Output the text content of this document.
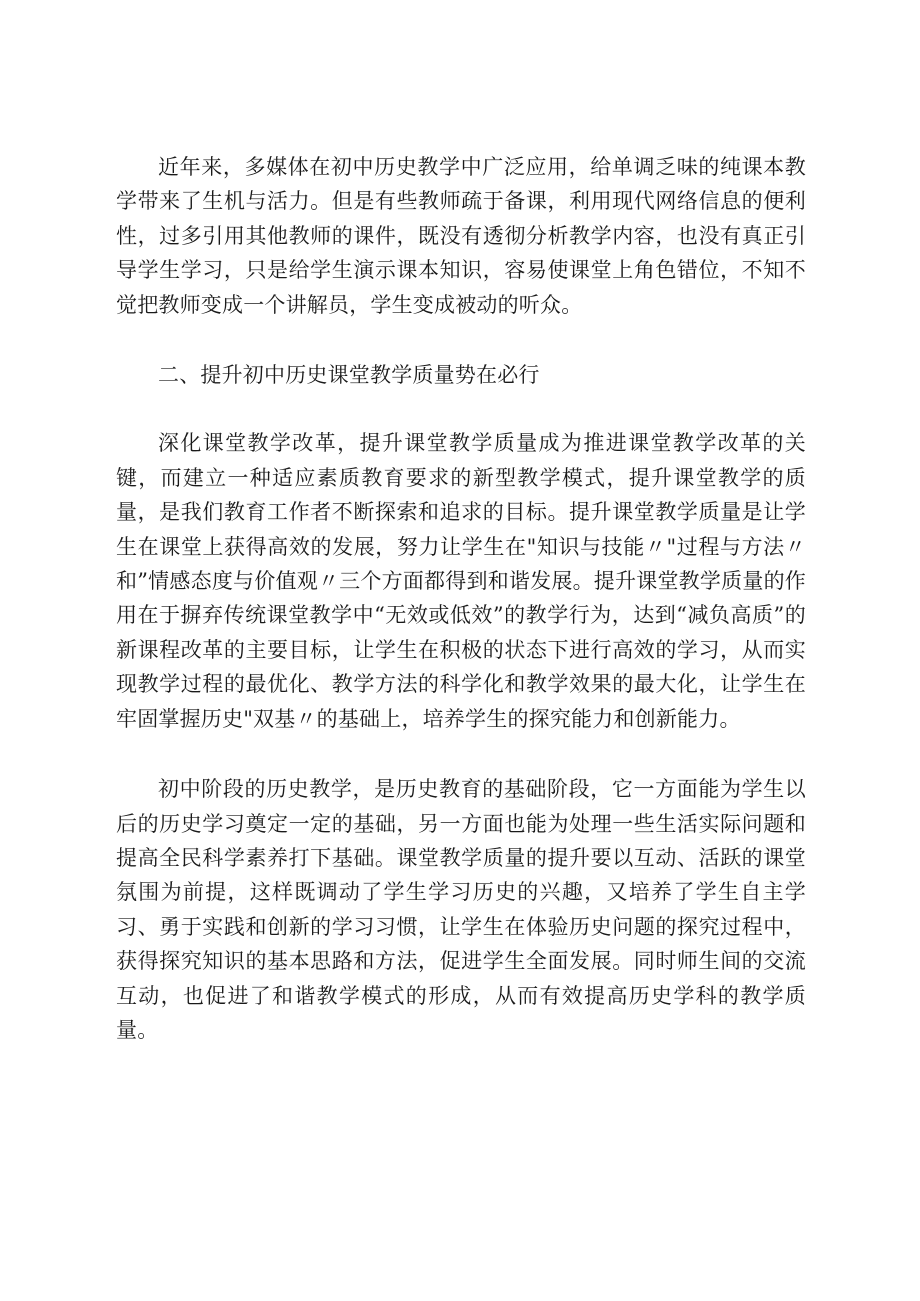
近年来，多媒体在初中历史教学中广泛应用，给单调乏味的纯课本教学带来了生机与活力。但是有些教师疏于备课，利用现代网络信息的便利性，过多引用其他教师的课件，既没有透彻分析教学内容，也没有真正引导学生学习，只是给学生演示课本知识，容易使课堂上角色错位，不知不觉把教师变成一个讲解员，学生变成被动的听众。

二、提升初中历史课堂教学质量势在必行

深化课堂教学改革，提升课堂教学质量成为推进课堂教学改革的关键，而建立一种适应素质教育要求的新型教学模式，提升课堂教学的质量，是我们教育工作者不断探索和追求的目标。提升课堂教学质量是让学生在课堂上获得高效的发展，努力让学生在"知识与技能〃"过程与方法〃和”情感态度与价值观〃三个方面都得到和谐发展。提升课堂教学质量的作用在于摒弃传统课堂教学中“无效或低效”的教学行为，达到“减负高质”的新课程改革的主要目标，让学生在积极的状态下进行高效的学习，从而实现教学过程的最优化、教学方法的科学化和教学效果的最大化，让学生在牢固掌握历史"双基〃的基础上，培养学生的探究能力和创新能力。

初中阶段的历史教学，是历史教育的基础阶段，它一方面能为学生以后的历史学习奠定一定的基础，另一方面也能为处理一些生活实际问题和提高全民科学素养打下基础。课堂教学质量的提升要以互动、活跃的课堂氛围为前提，这样既调动了学生学习历史的兴趣，又培养了学生自主学习、勇于实践和创新的学习习惯，让学生在体验历史问题的探究过程中，获得探究知识的基本思路和方法，促进学生全面发展。同时师生间的交流互动，也促进了和谐教学模式的形成，从而有效提高历史学科的教学质量。
